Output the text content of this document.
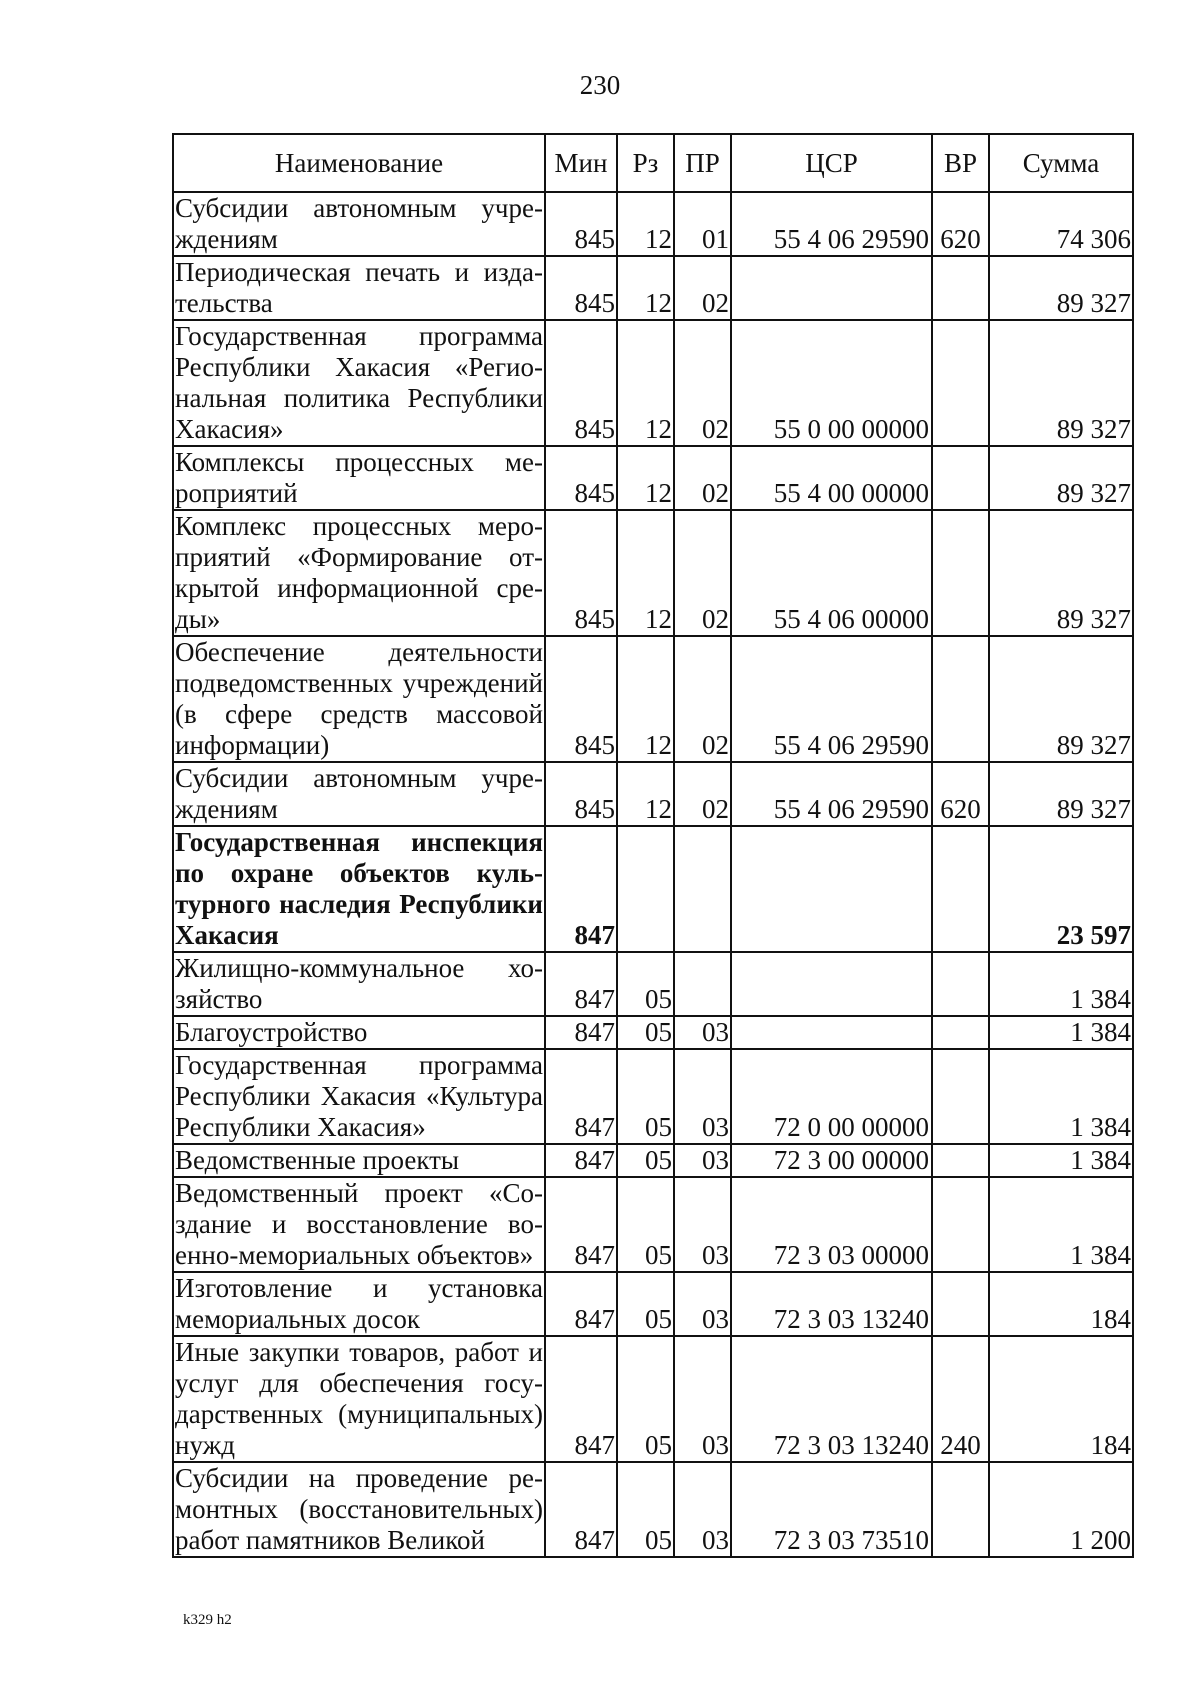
230
Наименование	Мин	Рз	ПР	ЦСР	ВР	Сумма
Субсидии автономным учреждениям	845	12	01	55 4 06 29590	620	74 306
Периодическая печать и издательства	845	12	02			89 327
Государственная программа Республики Хакасия «Региональная политика Республики Хакасия»	845	12	02	55 0 00 00000		89 327
Комплексы процессных мероприятий	845	12	02	55 4 00 00000		89 327
Комплекс процессных мероприятий «Формирование открытой информационной среды»	845	12	02	55 4 06 00000		89 327
Обеспечение деятельности подведомственных учреждений (в сфере средств массовой информации)	845	12	02	55 4 06 29590		89 327
Субсидии автономным учреждениям	845	12	02	55 4 06 29590	620	89 327
Государственная инспекция по охране объектов культурного наследия Республики Хакасия	847					23 597
Жилищно-коммунальное хозяйство	847	05				1 384
Благоустройство	847	05	03			1 384
Государственная программа Республики Хакасия «Культура Республики Хакасия»	847	05	03	72 0 00 00000		1 384
Ведомственные проекты	847	05	03	72 3 00 00000		1 384
Ведомственный проект «Создание и восстановление военно-мемориальных объектов»	847	05	03	72 3 03 00000		1 384
Изготовление и установка мемориальных досок	847	05	03	72 3 03 13240		184
Иные закупки товаров, работ и услуг для обеспечения государственных (муниципальных) нужд	847	05	03	72 3 03 13240	240	184
Субсидии на проведение ремонтных (восстановительных) работ памятников Великой	847	05	03	72 3 03 73510		1 200
k329 h2
